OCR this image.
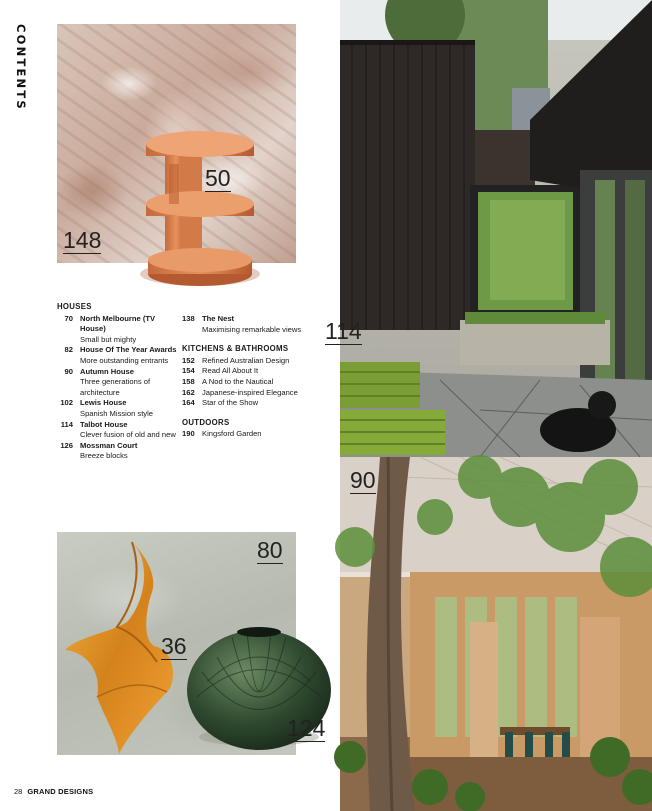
CONTENTS
148
50
114
90
80
36
124
HOUSES
70 North Melbourne (TV House)
Small but mighty
82 House Of The Year Awards
More outstanding entrants
90 Autumn House
Three generations of architecture
102 Lewis House
Spanish Mission style
114 Talbot House
Clever fusion of old and new
126 Mossman Court
Breeze blocks
138 The Nest
Maximising remarkable views
KITCHENS & BATHROOMS
152 Refined Australian Design
154 Read All About It
158 A Nod to the Nautical
162 Japanese-inspired Elegance
164 Star of the Show
OUTDOORS
190 Kingsford Garden
28 GRAND DESIGNS
